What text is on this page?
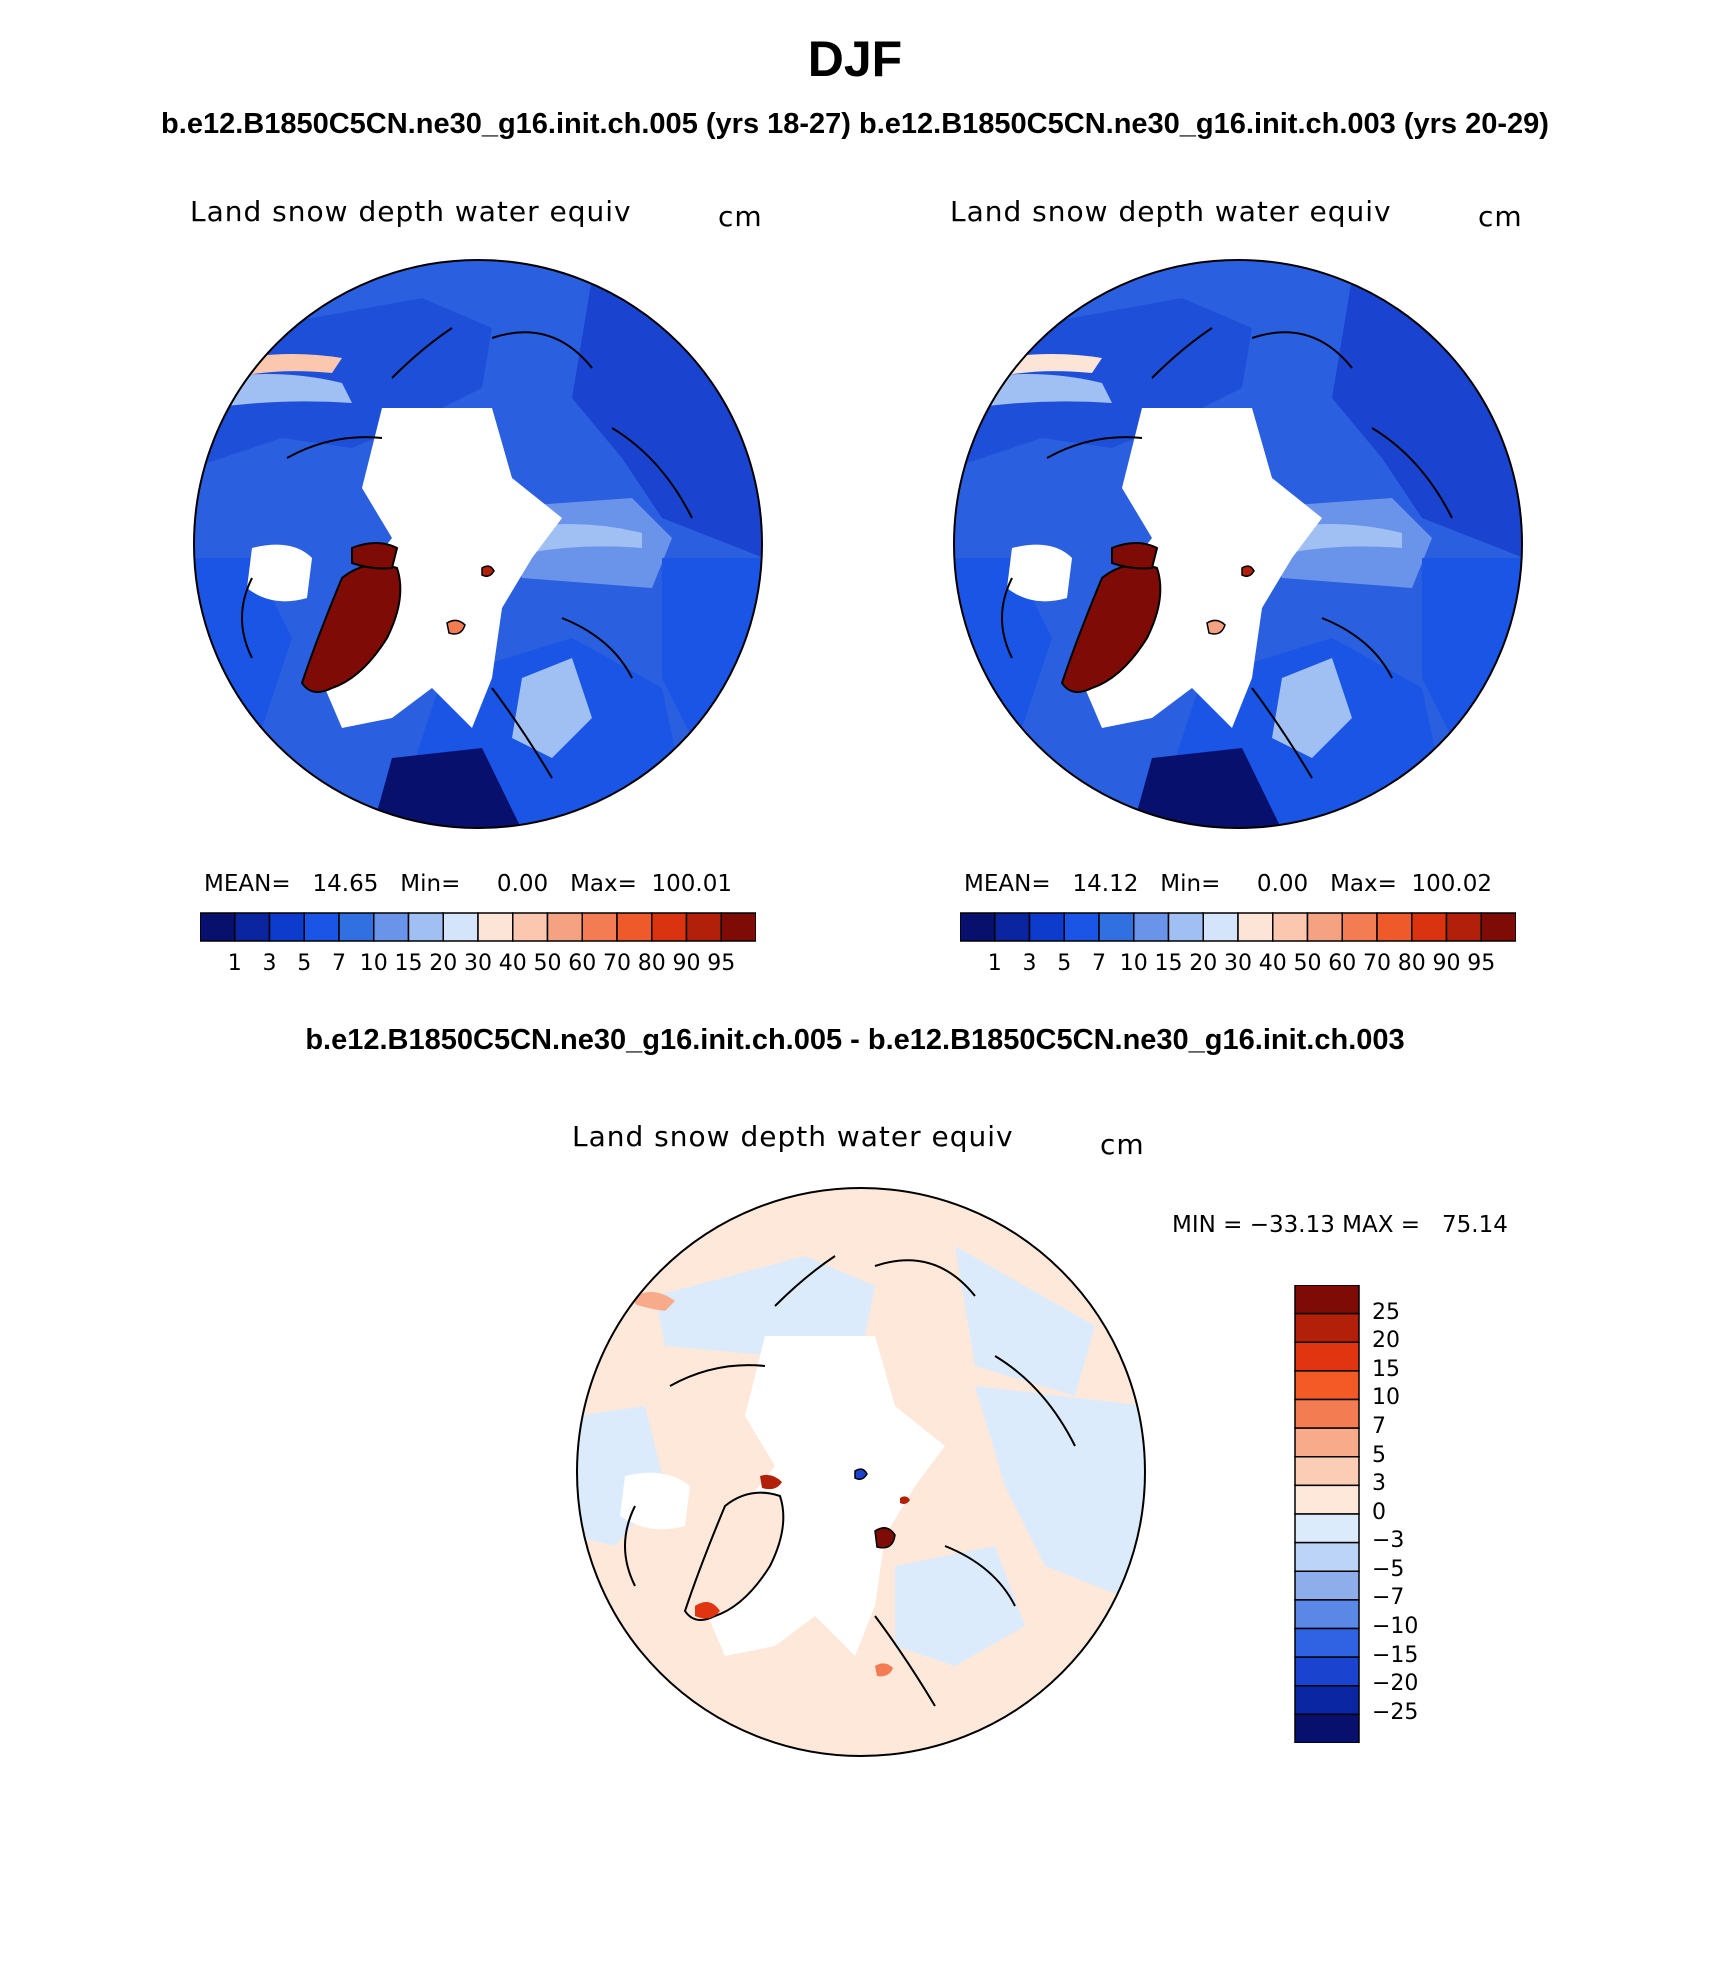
DJF
b.e12.B1850C5CN.ne30_g16.init.ch.005 (yrs 18-27) b.e12.B1850C5CN.ne30_g16.init.ch.003 (yrs 20-29)
Land snow depth water equiv	cm
MEAN=   14.65   Min=     0.00   Max=  100.01
1 3 5 7 10 15 20 30 40 50 60 70 80 90 95
Land snow depth water equiv	cm
MEAN=   14.12   Min=     0.00   Max=  100.02
1 3 5 7 10 15 20 30 40 50 60 70 80 90 95
b.e12.B1850C5CN.ne30_g16.init.ch.005 - b.e12.B1850C5CN.ne30_g16.init.ch.003
Land snow depth water equiv	cm
MIN = −33.13 MAX =   75.14
25
20
15
10
7
5
3
0
−3
−5
−7
−10
−15
−20
−25
